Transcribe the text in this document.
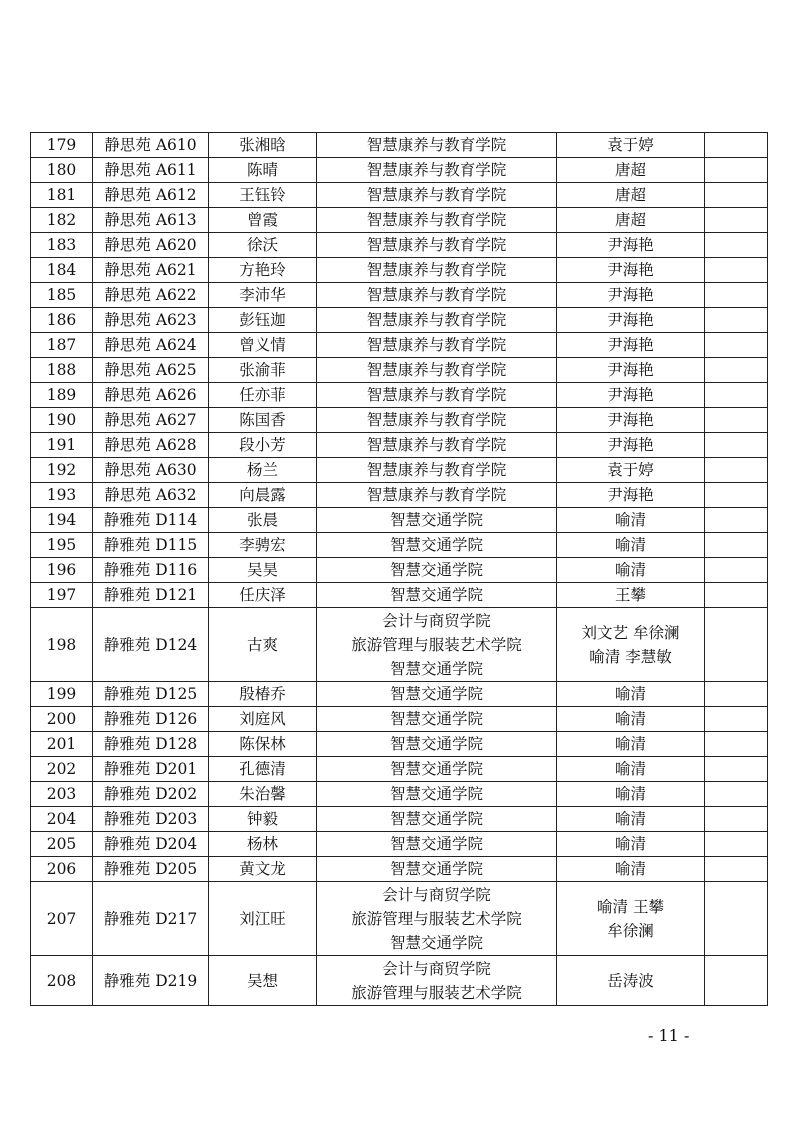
179	静思苑 A610	张湘晗	智慧康养与教育学院	袁于婷	

180	静思苑 A611	陈晴	智慧康养与教育学院	唐超	

181	静思苑 A612	王钰铃	智慧康养与教育学院	唐超	

182	静思苑 A613	曾霞	智慧康养与教育学院	唐超	

183	静思苑 A620	徐沃	智慧康养与教育学院	尹海艳	

184	静思苑 A621	方艳玲	智慧康养与教育学院	尹海艳	

185	静思苑 A622	李沛华	智慧康养与教育学院	尹海艳	

186	静思苑 A623	彭钰迦	智慧康养与教育学院	尹海艳	

187	静思苑 A624	曾义情	智慧康养与教育学院	尹海艳	

188	静思苑 A625	张渝菲	智慧康养与教育学院	尹海艳	

189	静思苑 A626	任亦菲	智慧康养与教育学院	尹海艳	

190	静思苑 A627	陈国香	智慧康养与教育学院	尹海艳	

191	静思苑 A628	段小芳	智慧康养与教育学院	尹海艳	

192	静思苑 A630	杨兰	智慧康养与教育学院	袁于婷	

193	静思苑 A632	向晨露	智慧康养与教育学院	尹海艳	

194	静雅苑 D114	张晨	智慧交通学院	喻清	

195	静雅苑 D115	李骋宏	智慧交通学院	喻清	

196	静雅苑 D116	吴昊	智慧交通学院	喻清	

197	静雅苑 D121	任庆泽	智慧交通学院	王攀	

198	静雅苑 D124	古爽	会计与商贸学院
旅游管理与服装艺术学院
智慧交通学院	刘文艺 牟徐澜
喻清 李慧敏	

199	静雅苑 D125	殷椿乔	智慧交通学院	喻清	

200	静雅苑 D126	刘庭风	智慧交通学院	喻清	

201	静雅苑 D128	陈保林	智慧交通学院	喻清	

202	静雅苑 D201	孔德清	智慧交通学院	喻清	

203	静雅苑 D202	朱治馨	智慧交通学院	喻清	

204	静雅苑 D203	钟毅	智慧交通学院	喻清	

205	静雅苑 D204	杨林	智慧交通学院	喻清	

206	静雅苑 D205	黄文龙	智慧交通学院	喻清	

207	静雅苑 D217	刘江旺	会计与商贸学院
旅游管理与服装艺术学院
智慧交通学院	喻清 王攀
牟徐澜	

208	静雅苑 D219	吴想	会计与商贸学院
旅游管理与服装艺术学院	岳涛波	

- 11 -
